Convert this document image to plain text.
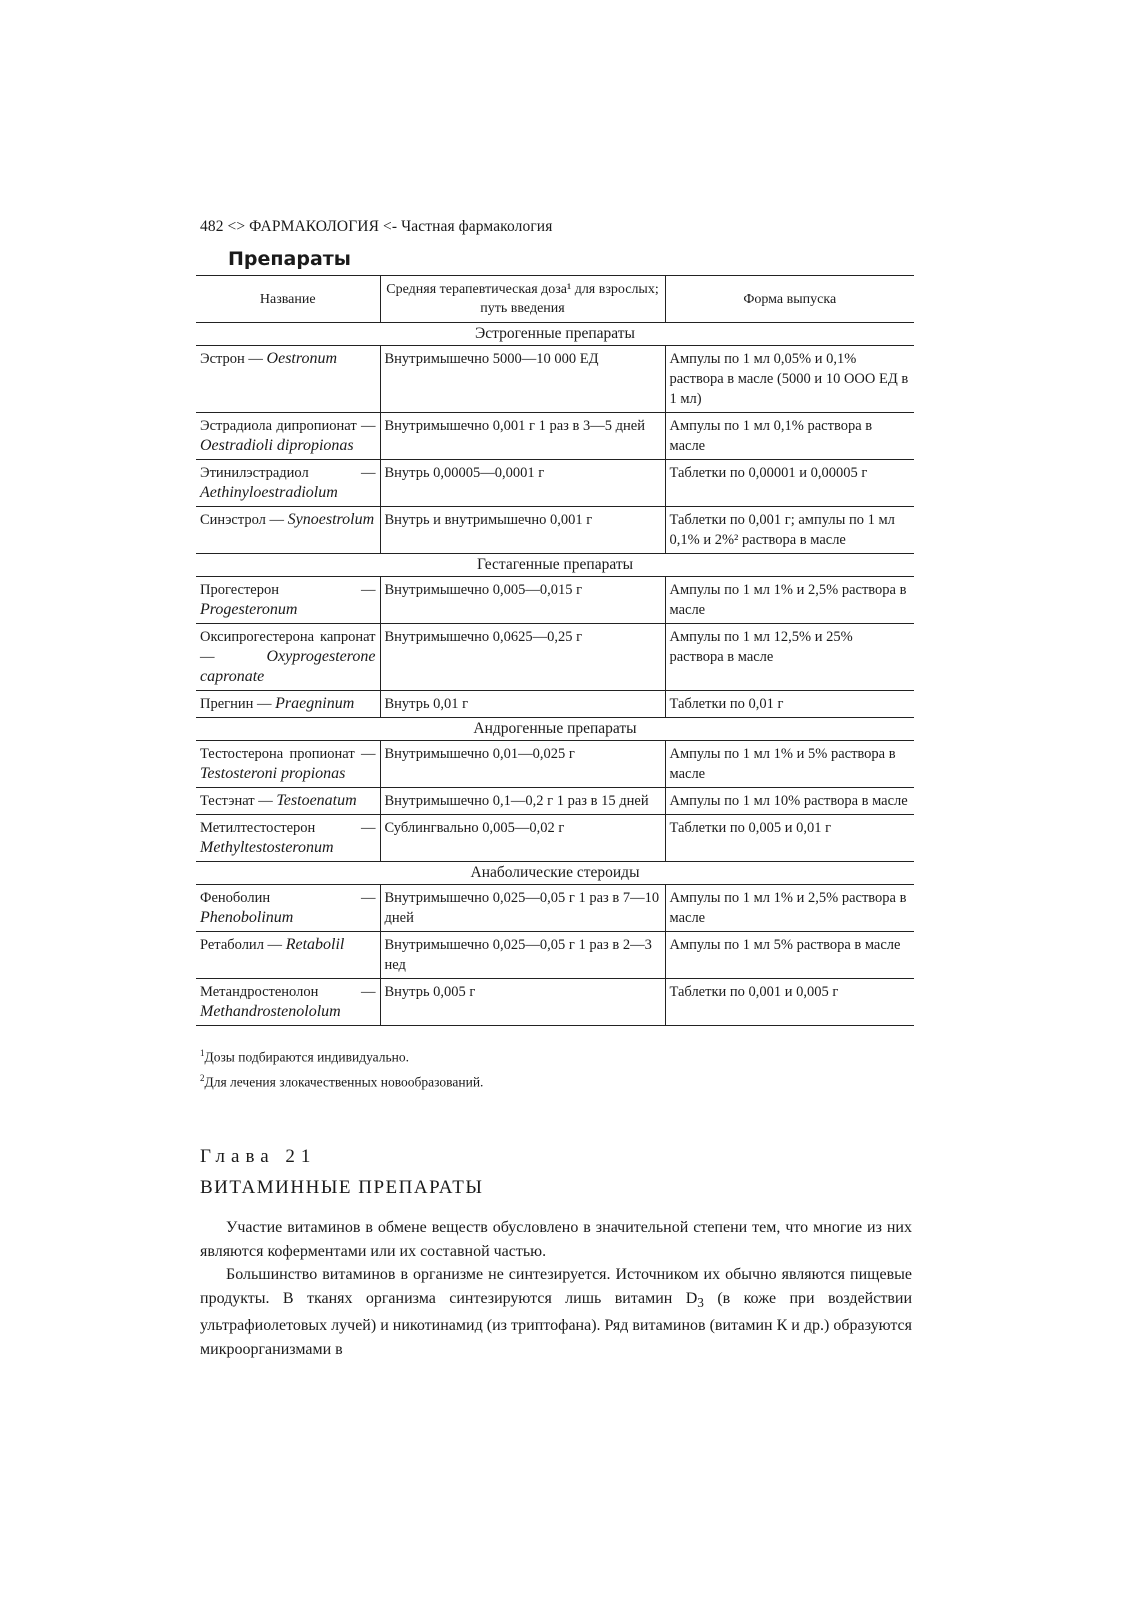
482 <> ФАРМАКОЛОГИЯ <- Частная фармакология
Препараты
Название	Средняя терапевтическая доза¹ для взрослых; путь введения	Форма выпуска
Эстрогенные препараты		
Эстрон — Oestronum	Внутримышечно 5000—10 000 ЕД	Ампулы по 1 мл 0,05% и 0,1% раствора в масле (5000 и 10 ООО ЕД в 1 мл)
Эстрадиола дипропионат — Oestradioli dipropionas	Внутримышечно 0,001 г 1 раз в 3—5 дней	Ампулы по 1 мл 0,1% раствора в масле
Этинилэстрадиол — Aethinyloestradiolum	Внутрь 0,00005—0,0001 г	Таблетки по 0,00001 и 0,00005 г
Синэстрол — Synoestrolum	Внутрь и внутримышечно 0,001 г	Таблетки по 0,001 г; ампулы по 1 мл 0,1% и 2%² раствора в масле
Гестагенные препараты		
Прогестерон — Progesteronum	Внутримышечно 0,005—0,015 г	Ампулы по 1 мл 1% и 2,5% раствора в масле
Оксипрогестерона капронат — Oxyprogesterone capronate	Внутримышечно 0,0625—0,25 г	Ампулы по 1 мл 12,5% и 25% раствора в масле
Прегнин — Praegninum	Внутрь 0,01 г	Таблетки по 0,01 г
Андрогенные препараты		
Тестостерона пропионат — Testosteroni propionas	Внутримышечно 0,01—0,025 г	Ампулы по 1 мл 1% и 5% раствора в масле
Тестэнат — Testoenatum	Внутримышечно 0,1—0,2 г 1 раз в 15 дней	Ампулы по 1 мл 10% раствора в масле
Метилтестостерон — Methyltestosteronum	Сублингвально 0,005—0,02 г	Таблетки по 0,005 и 0,01 г
Анаболические стероиды		
Феноболин — Phenobolinum	Внутримышечно 0,025—0,05 г 1 раз в 7—10 дней	Ампулы по 1 мл 1% и 2,5% раствора в масле
Ретаболил — Retabolil	Внутримышечно 0,025—0,05 г 1 раз в 2—3 нед	Ампулы по 1 мл 5% раствора в масле
Метандростенолон — Methandrostenololum	Внутрь 0,005 г	Таблетки по 0,001 и 0,005 г
$^1$Дозы подбираются индивидуально.
$^2$Для лечения злокачественных новообразований.
Глава 21
ВИТАМИННЫЕ ПРЕПАРАТЫ

Участие витаминов в обмене веществ обусловлено в значительной степени тем, что многие из них являются коферментами или их составной частью.

Большинство витаминов в организме не синтезируется. Источником их обычно являются пищевые продукты. В тканях организма синтезируются лишь витамин $D_3$ (в коже при воздействии ультрафиолетовых лучей) и никотинамид (из триптофана). Ряд витаминов (витамин К и др.) образуются микроорганизмами в
